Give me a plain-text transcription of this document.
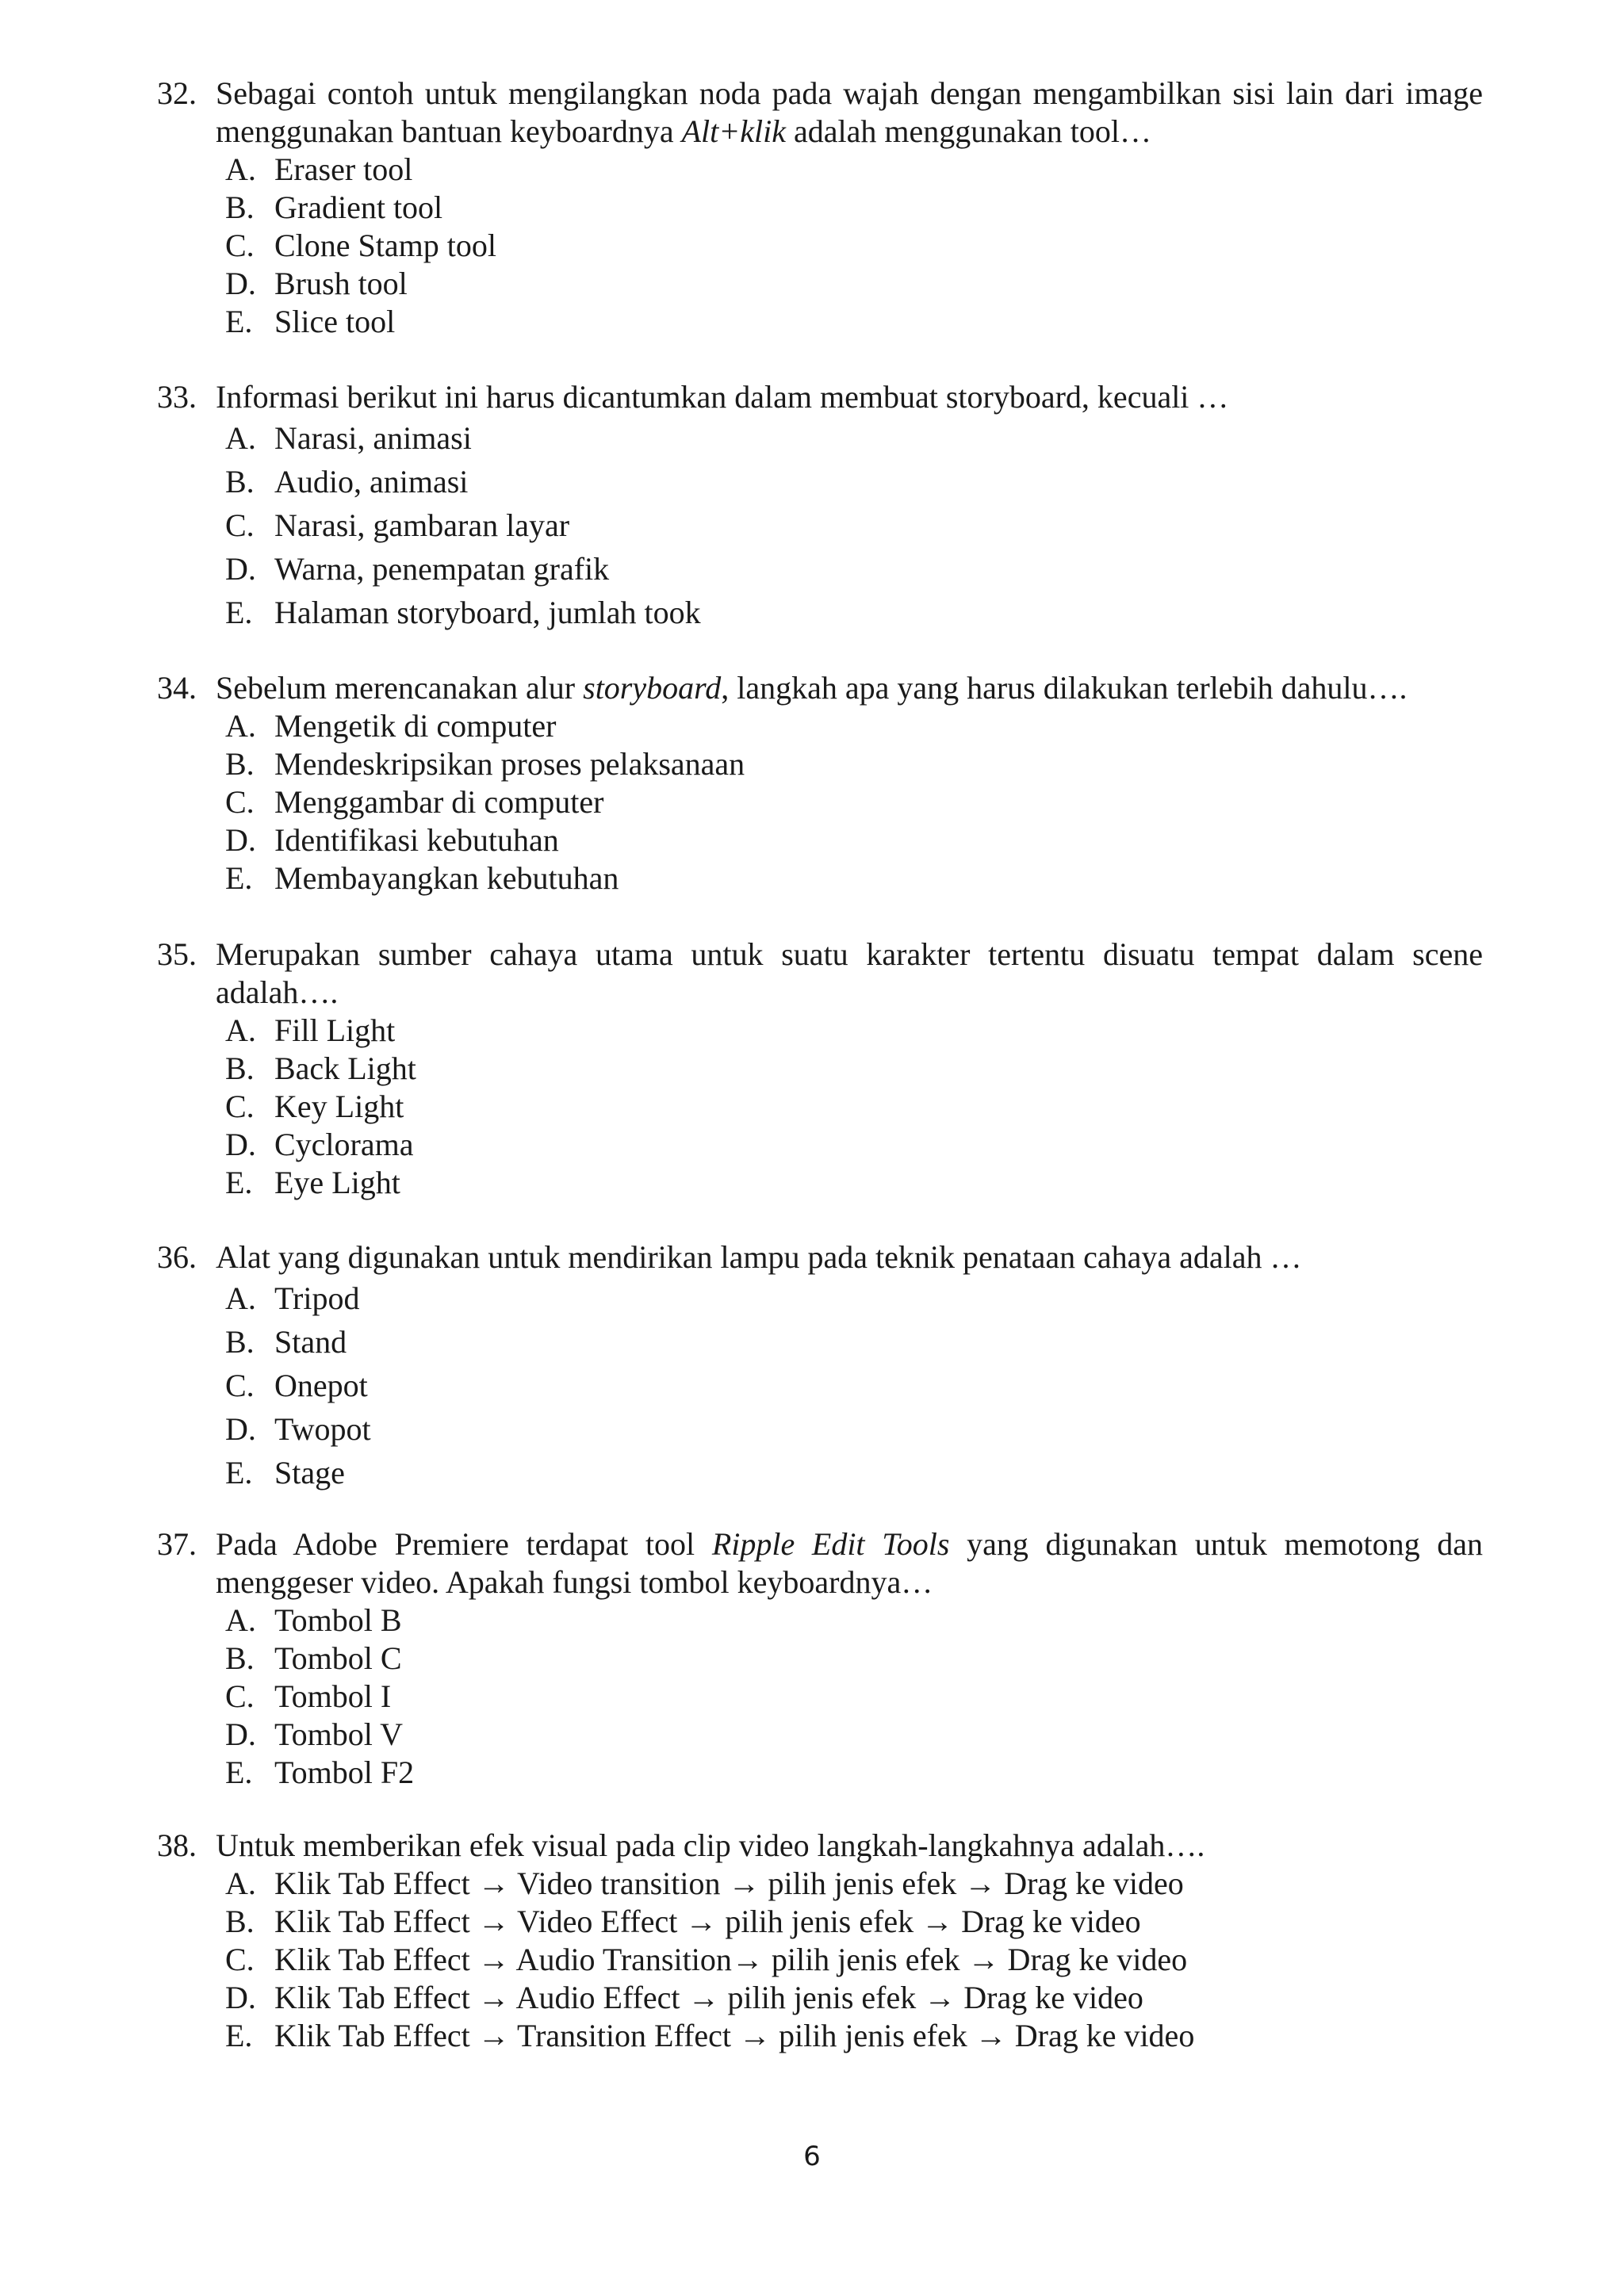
32. Sebagai contoh untuk mengilangkan noda pada wajah dengan mengambilkan sisi lain dari image menggunakan bantuan keyboardnya Alt+klik adalah menggunakan tool…
A. Eraser tool
B. Gradient tool
C. Clone Stamp tool
D. Brush tool
E. Slice tool
33. Informasi berikut ini harus dicantumkan dalam membuat storyboard, kecuali …
A. Narasi, animasi
B. Audio, animasi
C. Narasi, gambaran layar
D. Warna, penempatan grafik
E. Halaman storyboard, jumlah took
34. Sebelum merencanakan alur storyboard, langkah apa yang harus dilakukan terlebih dahulu….
A. Mengetik di computer
B. Mendeskripsikan proses pelaksanaan
C. Menggambar di computer
D. Identifikasi kebutuhan
E. Membayangkan kebutuhan
35. Merupakan sumber cahaya utama untuk suatu karakter tertentu disuatu tempat dalam scene adalah….
A. Fill Light
B. Back Light
C. Key Light
D. Cyclorama
E. Eye Light
36. Alat yang digunakan untuk mendirikan lampu pada teknik penataan cahaya adalah …
A. Tripod
B. Stand
C. Onepot
D. Twopot
E. Stage
37. Pada Adobe Premiere terdapat tool Ripple Edit Tools yang digunakan untuk memotong dan menggeser video. Apakah fungsi tombol keyboardnya…
A. Tombol B
B. Tombol C
C. Tombol I
D. Tombol V
E. Tombol F2
38. Untuk memberikan efek visual pada clip video langkah-langkahnya adalah….
A. Klik Tab Effect → Video transition → pilih jenis efek → Drag ke video
B. Klik Tab Effect → Video Effect → pilih jenis efek → Drag ke video
C. Klik Tab Effect → Audio Transition→ pilih jenis efek → Drag ke video
D. Klik Tab Effect → Audio Effect → pilih jenis efek → Drag ke video
E. Klik Tab Effect → Transition Effect → pilih jenis efek → Drag ke video
6
